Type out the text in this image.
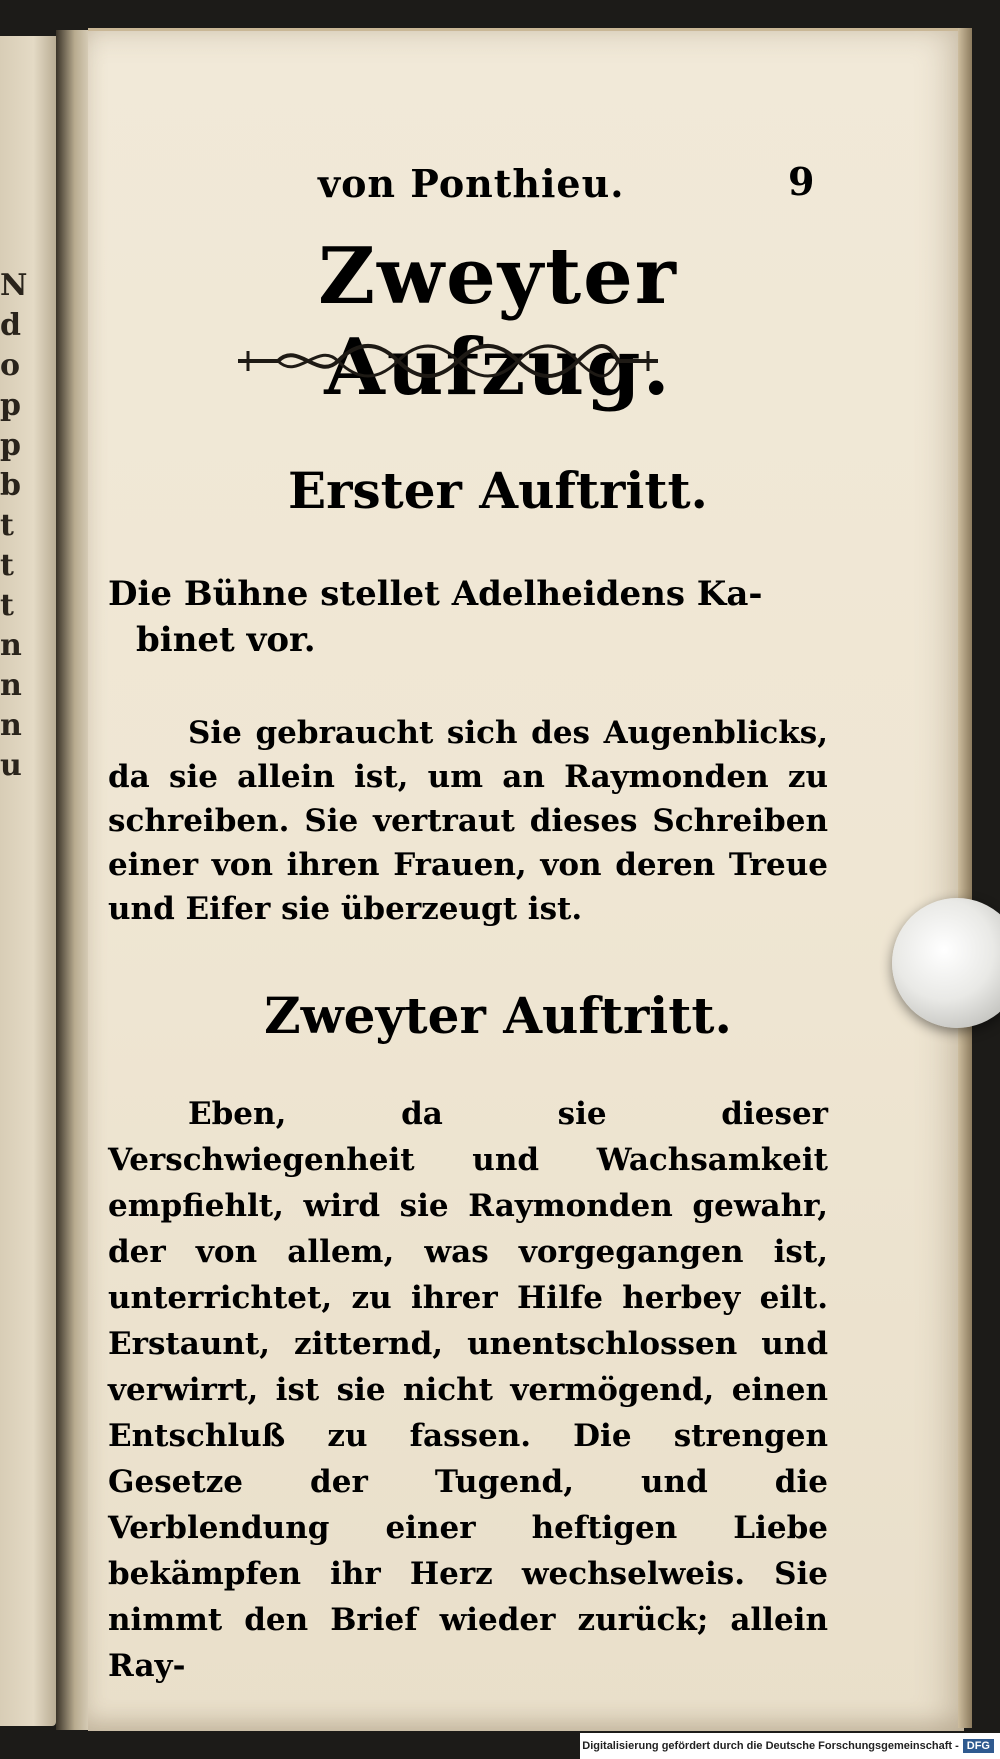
Ndoppbtttnnnu
von Ponthieu.	9
Zweyter Aufzug.
Erster Auftritt.
Die Bühne stellet Adelheidens Ka-
binet vor.
Sie gebraucht sich des Augenblicks, da sie allein ist, um an Raymonden zu schreiben. Sie vertraut dieses Schreiben einer von ihren Frauen, von deren Treue und Eifer sie überzeugt ist.
Zweyter Auftritt.
Eben, da sie dieser Verschwiegenheit und Wachsamkeit empfiehlt, wird sie Raymonden gewahr, der von allem, was vorgegangen ist, unterrichtet, zu ihrer Hilfe herbey eilt. Erstaunt, zitternd, unentschlossen und verwirrt, ist sie nicht vermögend, einen Entschluß zu fassen. Die strengen Gesetze der Tugend, und die Verblendung einer heftigen Liebe bekämpfen ihr Herz wechselweis. Sie nimmt den Brief wieder zurück; allein Ray-
Digitalisierung gefördert durch die Deutsche Forschungsgemeinschaft - DFG
